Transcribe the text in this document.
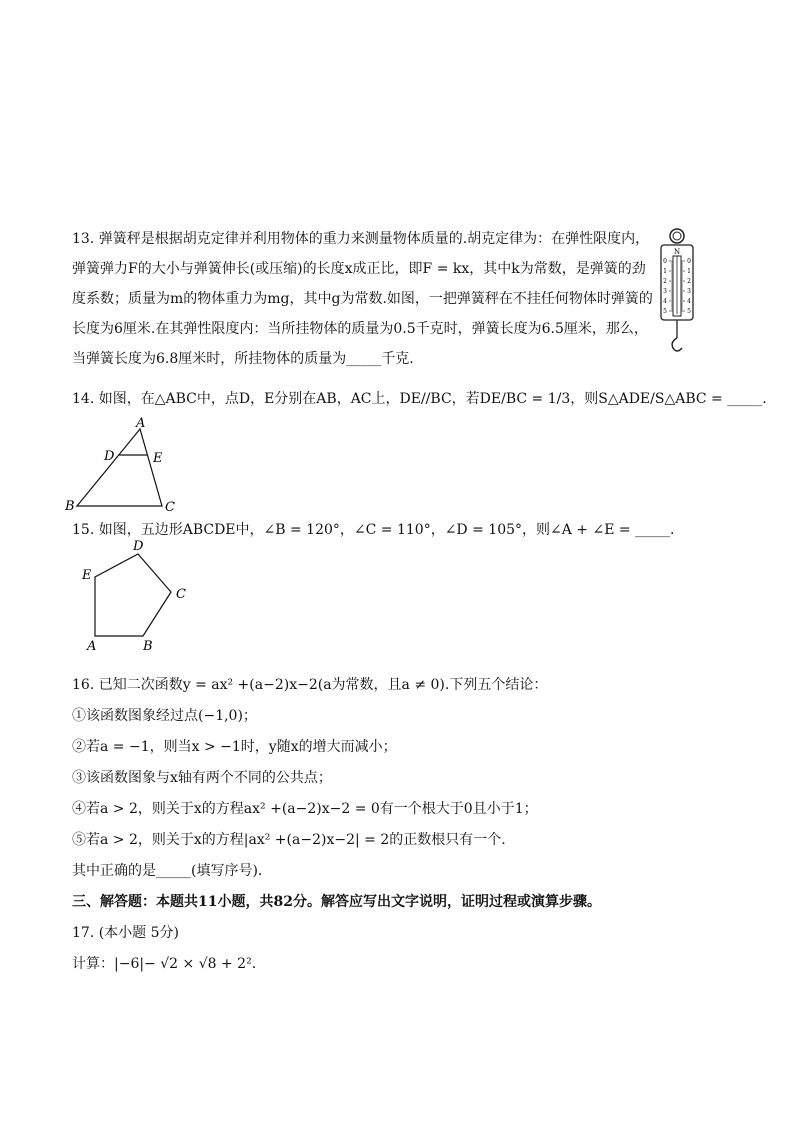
13. 弹簧秤是根据胡克定律并利用物体的重力来测量物体质量的.胡克定律为：在弹性限度内，
弹簧弹力F的大小与弹簧伸长(或压缩)的长度x成正比，即F = kx，其中k为常数，是弹簧的劲
度系数；质量为m的物体重力为mg，其中g为常数.如图，一把弹簧秤在不挂任何物体时弹簧的
长度为6厘米.在其弹性限度内：当所挂物体的质量为0.5千克时，弹簧长度为6.5厘米，那么，
当弹簧长度为6.8厘米时，所挂物体的质量为_____千克.
N
0
1
2
3
4
5
0
1
2
3
4
5
14. 如图，在△ABC中，点D，E分别在AB，AC上，DE//BC，若DE/BC = 1/3，则S△ADE/S△ABC = _____.
A
D	E
B	C
15. 如图，五边形ABCDE中，∠B = 120°，∠C = 110°，∠D = 105°，则∠A + ∠E = _____.
D
E
C
A	B
16. 已知二次函数y = ax² +(a−2)x−2(a为常数，且a ≠ 0).下列五个结论：
①该函数图象经过点(−1,0)；
②若a = −1，则当x > −1时，y随x的增大而减小；
③该函数图象与x轴有两个不同的公共点；
④若a > 2，则关于x的方程ax² +(a−2)x−2 = 0有一个根大于0且小于1；
⑤若a > 2，则关于x的方程|ax² +(a−2)x−2| = 2的正数根只有一个.
其中正确的是_____(填写序号).
三、解答题：本题共11小题，共82分。解答应写出文字说明，证明过程或演算步骤。
17. (本小题 5分)
计算：|−6|− √2 × √8 + 2².
